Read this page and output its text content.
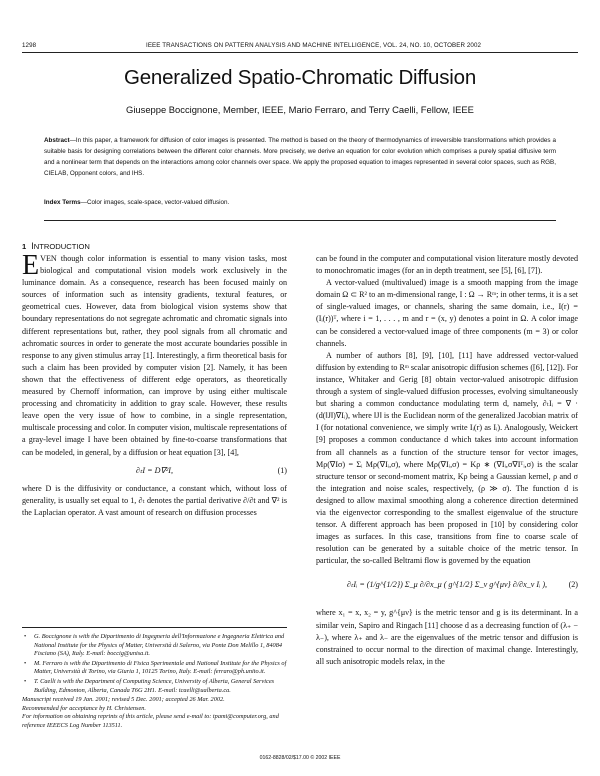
1298	IEEE TRANSACTIONS ON PATTERN ANALYSIS AND MACHINE INTELLIGENCE, VOL. 24, NO. 10, OCTOBER 2002
Generalized Spatio-Chromatic Diffusion
Giuseppe Boccignone, Member, IEEE, Mario Ferraro, and Terry Caelli, Fellow, IEEE
Abstract—In this paper, a framework for diffusion of color images is presented. The method is based on the theory of thermodynamics of irreversible transformations which provides a suitable basis for designing correlations between the different color channels. More precisely, we derive an equation for color evolution which comprises a purely spatial diffusive term and a nonlinear term that depends on the interactions among color channels over space. We apply the proposed equation to images represented in several color spaces, such as RGB, CIELAB, Opponent colors, and IHS.
Index Terms—Color images, scale-space, vector-valued diffusion.
1 INTRODUCTION

EVEN though color information is essential to many vision tasks, most biological and computational vision models work exclusively in the luminance domain. As a consequence, research has been focused mainly on sources of information such as intensity gradients, textural features, or geometrical cues. However, data from biological vision systems show that boundary representations do not segregate achromatic and chromatic signals into different representations but, rather, they pool signals from all chromatic and achromatic sources in order to generate the most accurate boundaries possible in response to any given stimulus array [1]. Interestingly, a firm theoretical basis for such a claim has been provided by computer vision [2]. Namely, it has been shown that the effectiveness of different edge operators, as theoretically measured by Chernoff information, can improve by using either multiscale processing and chromaticity in addition to gray scale. However, these results leave open the very issue of how to combine, in a single representation, multiscale processing and color. In computer vision, multiscale representations of a gray-level image I have been obtained by fine-to-coarse transformations that can be modeled, in general, by a diffusion or heat equation [3], [4],

∂ₜI = D∇²I,	(1)

where D is the diffusivity or conductance, a constant which, without loss of generality, is usually set equal to 1, ∂ₜ denotes the partial derivative ∂/∂t and ∇² is the Laplacian operator. A vast amount of research on diffusion processes

• G. Boccignone is with the Dipartimento di Ingegneria dell'Informazione e Ingegneria Elettrica and National Institute for the Physics of Matter, Università di Salerno, via Ponte Don Melillo 1, 84084 Fisciano (SA), Italy. E-mail: boccig@unisa.it.

• M. Ferraro is with the Dipartimento di Fisica Sperimentale and National Institute for the Physics of Matter, Università di Torino, via Giuria 1, 10125 Torino, Italy. E-mail: ferraro@ph.unito.it.

• T. Caelli is with the Department of Computing Science, University of Alberta, General Services Building, Edmonton, Alberta, Canada T6G 2H1. E-mail: tcaelli@ualberta.ca.

Manuscript received 19 Jan. 2001; revised 5 Dec. 2001; accepted 26 Mar. 2002.

Recommended for acceptance by H. Christensen.

For information on obtaining reprints of this article, please send e-mail to: tpami@computer.org, and reference IEEECS Log Number 113511.

can be found in the computer and computational vision literature mostly devoted to monochromatic images (for an in depth treatment, see [5], [6], [7]).

A vector-valued (multivalued) image is a smooth mapping from the image domain Ω ⊂ R² to an m-dimensional range, I : Ω → Rᵐ; in other terms, it is a set of single-valued images, or channels, sharing the same domain, i.e., I(r) = (Iᵢ(r))ᵀ, where i = 1, . . . , m and r = (x, y) denotes a point in Ω. A color image can be considered a vector-valued image of three components (m = 3) or color channels.

A number of authors [8], [9], [10], [11] have addressed vector-valued diffusion by extending to Rᵐ scalar anisotropic diffusion schemes ([6], [12]). For instance, Whitaker and Gerig [8] obtain vector-valued anisotropic diffusion through a system of single-valued diffusion processes, evolving simultaneously but sharing a common conductance modulating term d, namely, ∂ₜIᵢ = ∇ · (d(‖J‖)∇Iᵢ), where ‖J‖ is the Euclidean norm of the generalized Jacobian matrix of I (for notational convenience, we simply write Iᵢ(r) as Iᵢ). Analogously, Weickert [9] proposes a common conductance d which takes into account information from all channels as a function of the structure tensor for vector images, Mρ(∇Iσ) = Σᵢ Mρ(∇Iᵢ,σ), where Mρ(∇Iᵢ,σ) = Kρ ∗ (∇Iᵢ,σ∇Iᵀᵢ,σ) is the scalar structure tensor or second-moment matrix, Kρ being a Gaussian kernel, ρ and σ the integration and noise scales, respectively, (ρ ≫ σ). The function d is designed to allow maximal smoothing along a coherence direction determined via the eigenvector corresponding to the smallest eigenvalue of the structure tensor. A different approach has been proposed in [10] by considering color images as surfaces. In this case, transitions from fine to coarse scale of resolution can be generated by a suitable choice of the metric tensor. In particular, the so-called Beltrami flow is governed by the equation

∂ₜIᵢ = (1/g^{1/2}) Σ_μ ∂/∂x_μ ( g^{1/2} Σ_ν g^{μν} ∂/∂x_ν Iᵢ ),	(2)

where x₁ = x, x₂ = y, g^{μν} is the metric tensor and g is its determinant. In a similar vein, Sapiro and Ringach [11] choose d as a decreasing function of (λ₊ − λ₋), where λ₊ and λ₋ are the eigenvalues of the metric tensor and diffusion is constrained to occur normal to the direction of maximal change. Interestingly, all such anisotropic models relax, in the

0162-8828/02/$17.00 © 2002 IEEE
